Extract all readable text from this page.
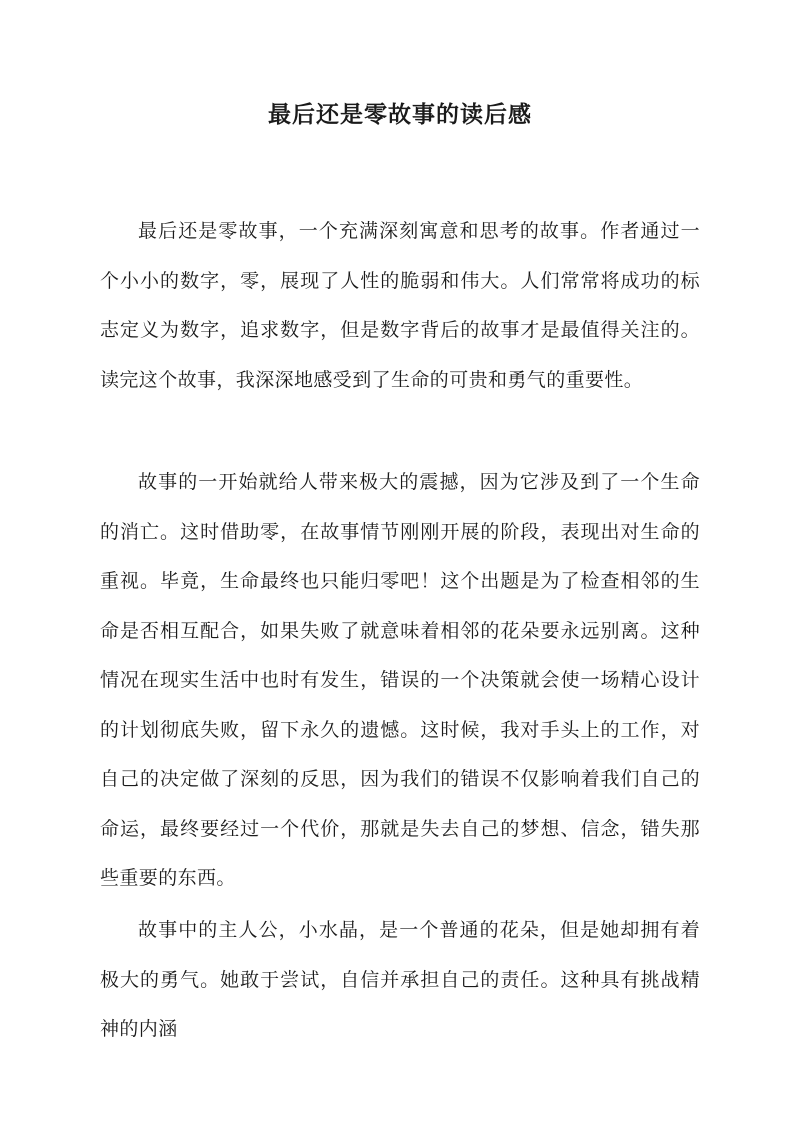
最后还是零故事的读后感

最后还是零故事，一个充满深刻寓意和思考的故事。作者通过一个小小的数字，零，展现了人性的脆弱和伟大。人们常常将成功的标志定义为数字，追求数字，但是数字背后的故事才是最值得关注的。读完这个故事，我深深地感受到了生命的可贵和勇气的重要性。

故事的一开始就给人带来极大的震撼，因为它涉及到了一个生命的消亡。这时借助零，在故事情节刚刚开展的阶段，表现出对生命的重视。毕竟，生命最终也只能归零吧！这个出题是为了检查相邻的生命是否相互配合，如果失败了就意味着相邻的花朵要永远别离。这种情况在现实生活中也时有发生，错误的一个决策就会使一场精心设计的计划彻底失败，留下永久的遗憾。这时候，我对手头上的工作，对自己的决定做了深刻的反思，因为我们的错误不仅影响着我们自己的命运，最终要经过一个代价，那就是失去自己的梦想、信念，错失那些重要的东西。

故事中的主人公，小水晶，是一个普通的花朵，但是她却拥有着极大的勇气。她敢于尝试，自信并承担自己的责任。这种具有挑战精神的内涵
